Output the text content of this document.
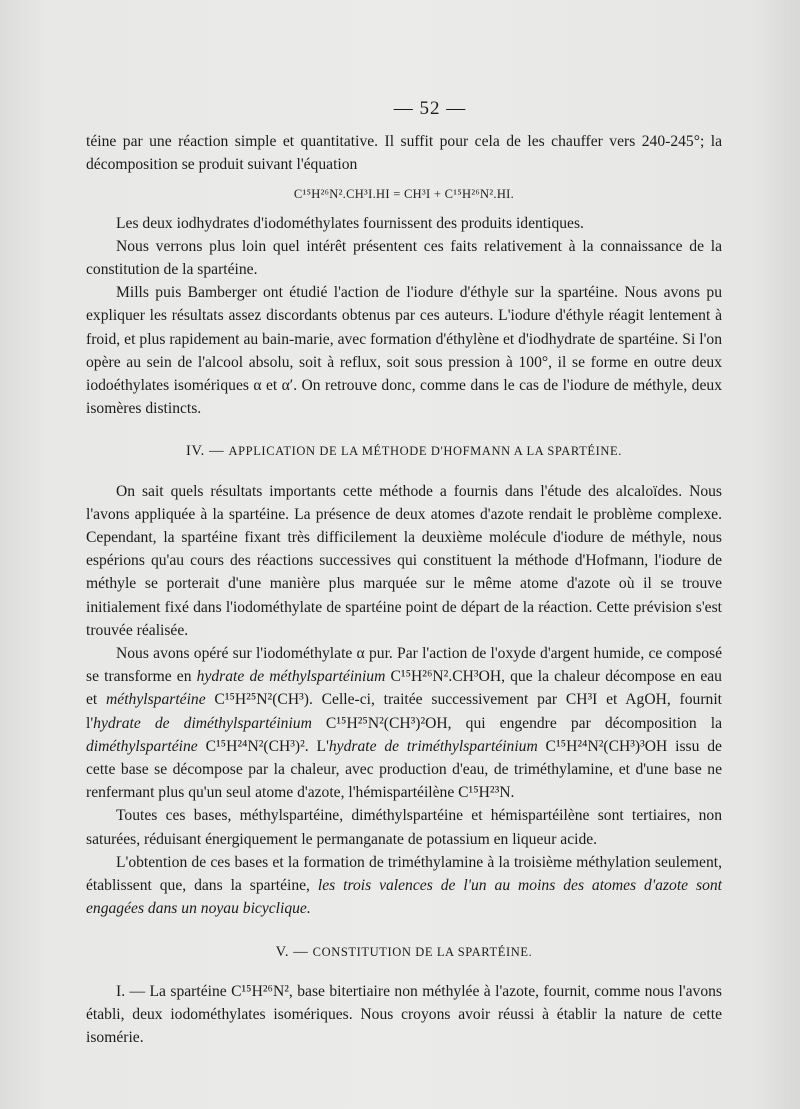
— 52 —

téine par une réaction simple et quantitative. Il suffit pour cela de les chauffer vers 240-245°; la décomposition se produit suivant l'équation

C¹⁵H²⁶N².CH³I.HI = CH³I + C¹⁵H²⁶N².HI.

Les deux iodhydrates d'iodométhylates fournissent des produits identiques.

Nous verrons plus loin quel intérêt présentent ces faits relativement à la connaissance de la constitution de la spartéine.

Mills puis Bamberger ont étudié l'action de l'iodure d'éthyle sur la spartéine. Nous avons pu expliquer les résultats assez discordants obtenus par ces auteurs. L'iodure d'éthyle réagit lentement à froid, et plus rapidement au bain-marie, avec formation d'éthylène et d'iodhydrate de spartéine. Si l'on opère au sein de l'alcool absolu, soit à reflux, soit sous pression à 100°, il se forme en outre deux iodoéthylates isomériques α et α′. On retrouve donc, comme dans le cas de l'iodure de méthyle, deux isomères distincts.

IV. — APPLICATION DE LA MÉTHODE D'HOFMANN A LA SPARTÉINE.

On sait quels résultats importants cette méthode a fournis dans l'étude des alcaloïdes. Nous l'avons appliquée à la spartéine. La présence de deux atomes d'azote rendait le problème complexe. Cependant, la spartéine fixant très difficilement la deuxième molécule d'iodure de méthyle, nous espérions qu'au cours des réactions successives qui constituent la méthode d'Hofmann, l'iodure de méthyle se porterait d'une manière plus marquée sur le même atome d'azote où il se trouve initialement fixé dans l'iodométhylate de spartéine point de départ de la réaction. Cette prévision s'est trouvée réalisée.

Nous avons opéré sur l'iodométhylate α pur. Par l'action de l'oxyde d'argent humide, ce composé se transforme en hydrate de méthylspartéinium C¹⁵H²⁶N².CH³OH, que la chaleur décompose en eau et méthylspartéine C¹⁵H²⁵N²(CH³). Celle-ci, traitée successivement par CH³I et AgOH, fournit l'hydrate de diméthylspartéinium C¹⁵H²⁵N²(CH³)²OH, qui engendre par décomposition la diméthylspartéine C¹⁵H²⁴N²(CH³)². L'hydrate de triméthylspartéinium C¹⁵H²⁴N²(CH³)³OH issu de cette base se décompose par la chaleur, avec production d'eau, de triméthylamine, et d'une base ne renfermant plus qu'un seul atome d'azote, l'hémispartéilène C¹⁵H²³N.

Toutes ces bases, méthylspartéine, diméthylspartéine et hémispartéilène sont tertiaires, non saturées, réduisant énergiquement le permanganate de potassium en liqueur acide.

L'obtention de ces bases et la formation de triméthylamine à la troisième méthylation seulement, établissent que, dans la spartéine, les trois valences de l'un au moins des atomes d'azote sont engagées dans un noyau bicyclique.

V. — CONSTITUTION DE LA SPARTÉINE.

I. — La spartéine C¹⁵H²⁶N², base bitertiaire non méthylée à l'azote, fournit, comme nous l'avons établi, deux iodométhylates isomériques. Nous croyons avoir réussi à établir la nature de cette isomérie.
